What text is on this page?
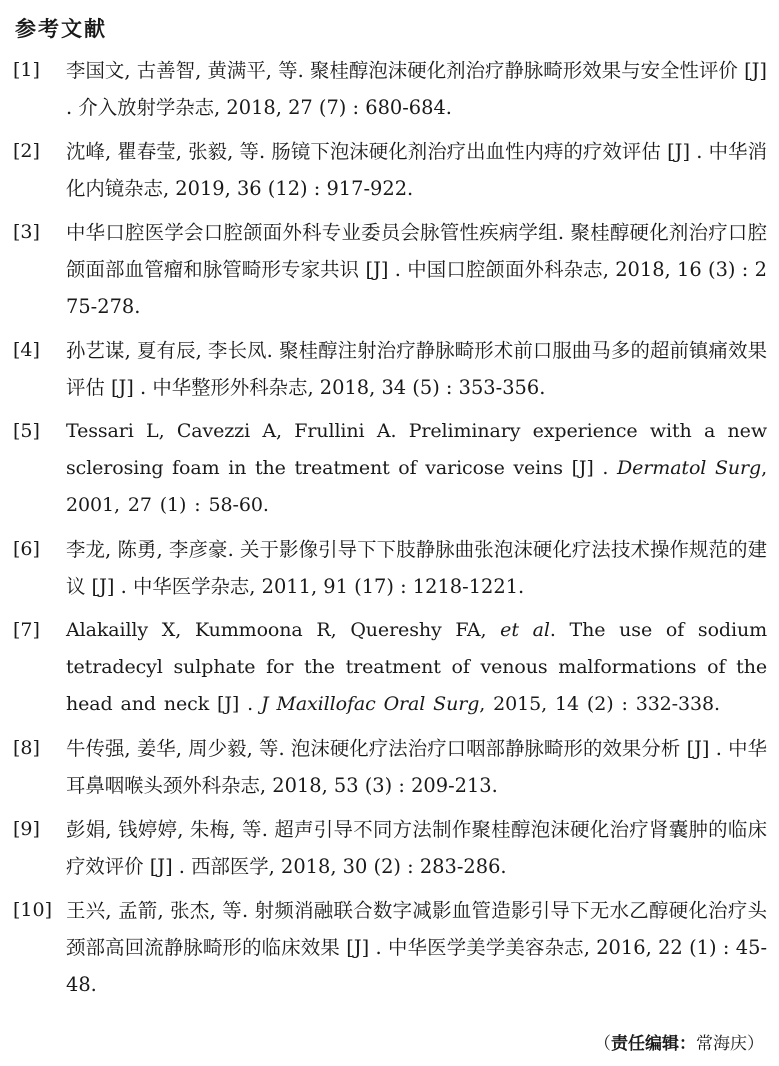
参考文献
[1] 李国文, 古善智, 黄满平, 等. 聚桂醇泡沫硬化剂治疗静脉畸形效果与安全性评价 [J] . 介入放射学杂志, 2018, 27 (7) : 680-684.
[2] 沈峰, 瞿春莹, 张毅, 等. 肠镜下泡沫硬化剂治疗出血性内痔的疗效评估 [J] . 中华消化内镜杂志, 2019, 36 (12) : 917-922.
[3] 中华口腔医学会口腔颌面外科专业委员会脉管性疾病学组. 聚桂醇硬化剂治疗口腔颌面部血管瘤和脉管畸形专家共识 [J] . 中国口腔颌面外科杂志, 2018, 16 (3) : 275-278.
[4] 孙艺谋, 夏有辰, 李长凤. 聚桂醇注射治疗静脉畸形术前口服曲马多的超前镇痛效果评估 [J] . 中华整形外科杂志, 2018, 34 (5) : 353-356.
[5] Tessari L, Cavezzi A, Frullini A. Preliminary experience with a new sclerosing foam in the treatment of varicose veins [J] . Dermatol Surg, 2001, 27 (1) : 58-60.
[6] 李龙, 陈勇, 李彦豪. 关于影像引导下下肢静脉曲张泡沫硬化疗法技术操作规范的建议 [J] . 中华医学杂志, 2011, 91 (17) : 1218-1221.
[7] Alakailly X, Kummoona R, Quereshy FA, et al. The use of sodium tetradecyl sulphate for the treatment of venous malformations of the head and neck [J] . J Maxillofac Oral Surg, 2015, 14 (2) : 332-338.
[8] 牛传强, 姜华, 周少毅, 等. 泡沫硬化疗法治疗口咽部静脉畸形的效果分析 [J] . 中华耳鼻咽喉头颈外科杂志, 2018, 53 (3) : 209-213.
[9] 彭娟, 钱婷婷, 朱梅, 等. 超声引导不同方法制作聚桂醇泡沫硬化治疗肾囊肿的临床疗效评价 [J] . 西部医学, 2018, 30 (2) : 283-286.
[10] 王兴, 孟箭, 张杰, 等. 射频消融联合数字减影血管造影引导下无水乙醇硬化治疗头颈部高回流静脉畸形的临床效果 [J] . 中华医学美学美容杂志, 2016, 22 (1) : 45-48.
（责任编辑：常海庆）
